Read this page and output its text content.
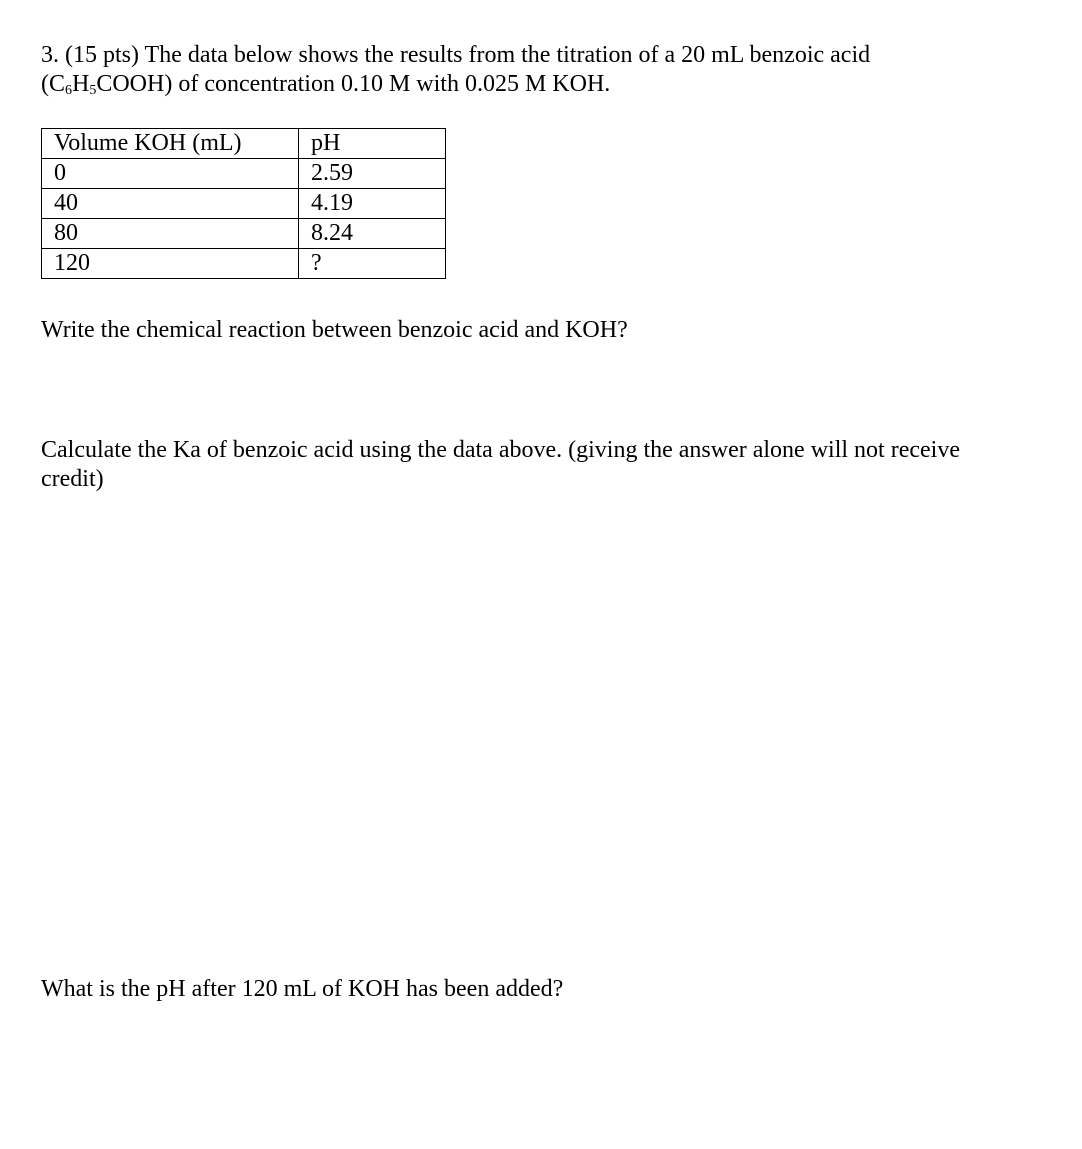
3. (15 pts) The data below shows the results from the titration of a 20 mL benzoic acid
$(C_6H_5COOH)$ of concentration 0.10 M with 0.025 M KOH.
Volume KOH (mL)	pH
0	2.59
40	4.19
80	8.24
120	?
Write the chemical reaction between benzoic acid and KOH?
Calculate the Ka of benzoic acid using the data above. (giving the answer alone will not receive
credit)
What is the pH after 120 mL of KOH has been added?
